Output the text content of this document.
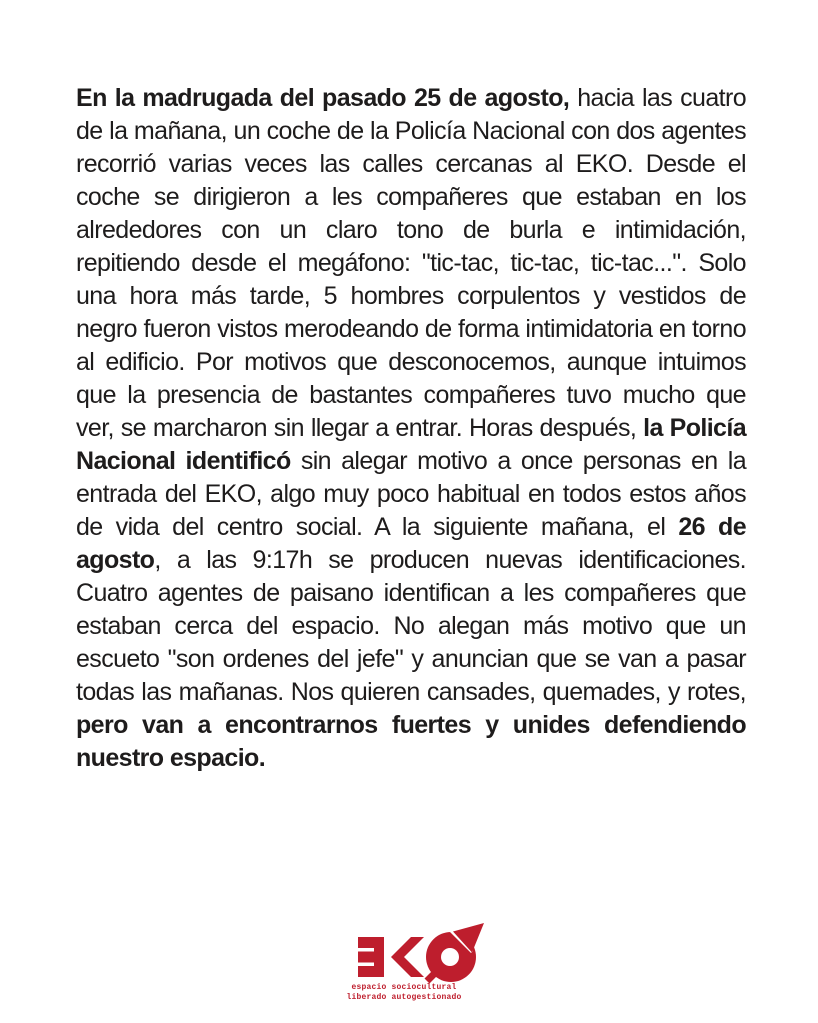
En la madrugada del pasado 25 de agosto, hacia las cuatro de la mañana, un coche de la Policía Nacional con dos agentes recorrió varias veces las calles cercanas al EKO. Desde el coche se dirigieron a les compañeres que estaban en los alrededores con un claro tono de burla e intimidación, repitiendo desde el megáfono: "tic-tac, tic-tac, tic-tac...". Solo una hora más tarde, 5 hombres corpulentos y vestidos de negro fueron vistos merodeando de forma intimidatoria en torno al edificio. Por motivos que desconocemos, aunque intuimos que la presencia de bastantes compañeres tuvo mucho que ver, se marcharon sin llegar a entrar. Horas después, la Policía Nacional identificó sin alegar motivo a once personas en la entrada del EKO, algo muy poco habitual en todos estos años de vida del centro social. A la siguiente mañana, el 26 de agosto, a las 9:17h se producen nuevas identificaciones. Cuatro agentes de paisano identifican a les compañeres que estaban cerca del espacio. No alegan más motivo que un escueto "son ordenes del jefe" y anuncian que se van a pasar todas las mañanas. Nos quieren cansades, quemades, y rotes, pero van a encontrarnos fuertes y unides defendiendo nuestro espacio.

espacio sociocultural
liberado autogestionado
